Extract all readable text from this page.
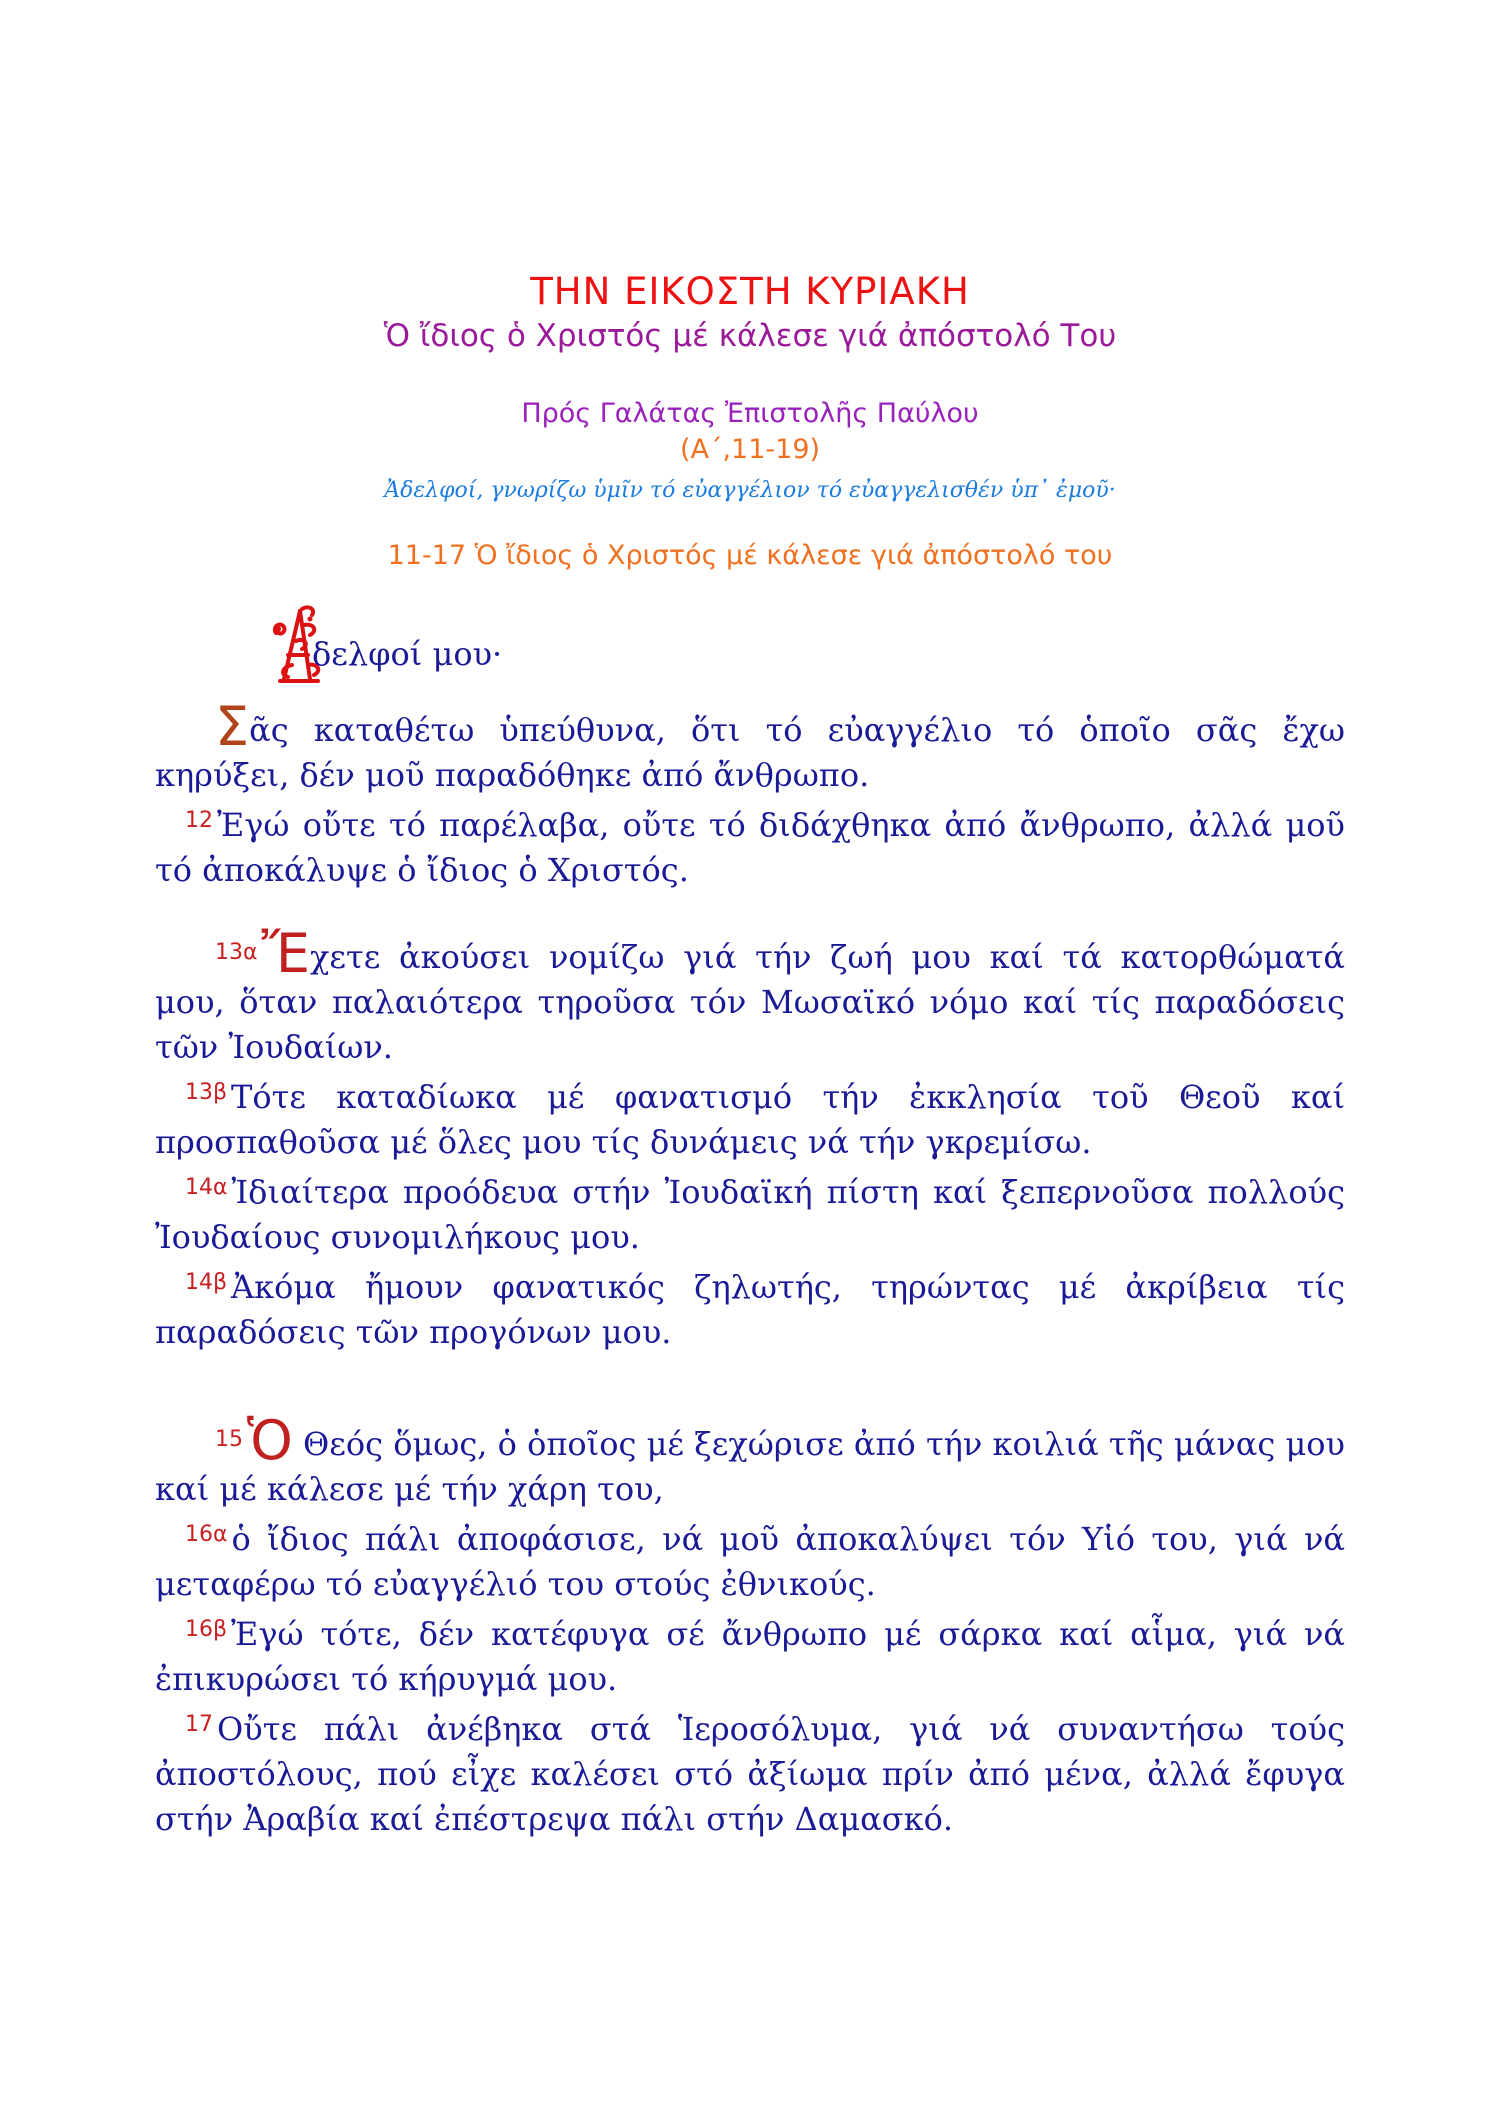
ΤΗΝ ΕΙΚΟΣΤΗ ΚΥΡΙΑΚΗ
Ὁ ἴδιος ὁ Χριστός μέ κάλεσε γιά ἀπόστολό Του
Πρός Γαλάτας Ἐπιστολῆς Παύλου
(Α΄,11-19)
Ἀδελφοί, γνωρίζω ὑμῖν τό εὐαγγέλιον τό εὐαγγελισθέν ὑπ᾽ ἐμοῦ·
11-17 Ὁ ἴδιος ὁ Χριστός μέ κάλεσε γιά ἀπόστολό του
δελφοί μου·

Σᾶς καταθέτω ὑπεύθυνα, ὅτι τό εὐαγγέλιο τό ὁποῖο σᾶς ἔχω κηρύξει, δέν μοῦ παραδόθηκε ἀπό ἄνθρωπο.

$^{12}$ Ἐγώ οὔτε τό παρέλαβα, οὔτε τό διδάχθηκα ἀπό ἄνθρωπο, ἀλλά μοῦ τό ἀποκάλυψε ὁ ἴδιος ὁ Χριστός.

$^{13\alpha}$Ἔχετε ἀκούσει νομίζω γιά τήν ζωή μου καί τά κατορθώματά μου, ὅταν παλαιότερα τηροῦσα τόν Μωσαϊκό νόμο καί τίς παραδόσεις τῶν Ἰουδαίων.

$^{13\beta}$ Τότε καταδίωκα μέ φανατισμό τήν ἐκκλησία τοῦ Θεοῦ καί προσπαθοῦσα μέ ὅλες μου τίς δυνάμεις νά τήν γκρεμίσω.

$^{14\alpha}$ Ἰδιαίτερα προόδευα στήν Ἰουδαϊκή πίστη καί ξεπερνοῦσα πολλούς Ἰουδαίους συνομιλήκους μου.

$^{14\beta}$ Ἀκόμα ἤμουν φανατικός ζηλωτής, τηρώντας μέ ἀκρίβεια τίς παραδόσεις τῶν προγόνων μου.

$^{15}$Ὁ Θεός ὅμως, ὁ ὁποῖος μέ ξεχώρισε ἀπό τήν κοιλιά τῆς μάνας μου καί μέ κάλεσε μέ τήν χάρη του,

$^{16\alpha}$ ὁ ἴδιος πάλι ἀποφάσισε, νά μοῦ ἀποκαλύψει τόν Υἱό του, γιά νά μεταφέρω τό εὐαγγέλιό του στούς ἐθνικούς.

$^{16\beta}$ Ἐγώ τότε, δέν κατέφυγα σέ ἄνθρωπο μέ σάρκα καί αἷμα, γιά νά ἐπικυρώσει τό κήρυγμά μου.

$^{17}$ Οὔτε πάλι ἀνέβηκα στά Ἱεροσόλυμα, γιά νά συναντήσω τούς ἀποστόλους, πού εἶχε καλέσει στό ἀξίωμα πρίν ἀπό μένα, ἀλλά ἔφυγα στήν Ἀραβία καί ἐπέστρεψα πάλι στήν Δαμασκό.
